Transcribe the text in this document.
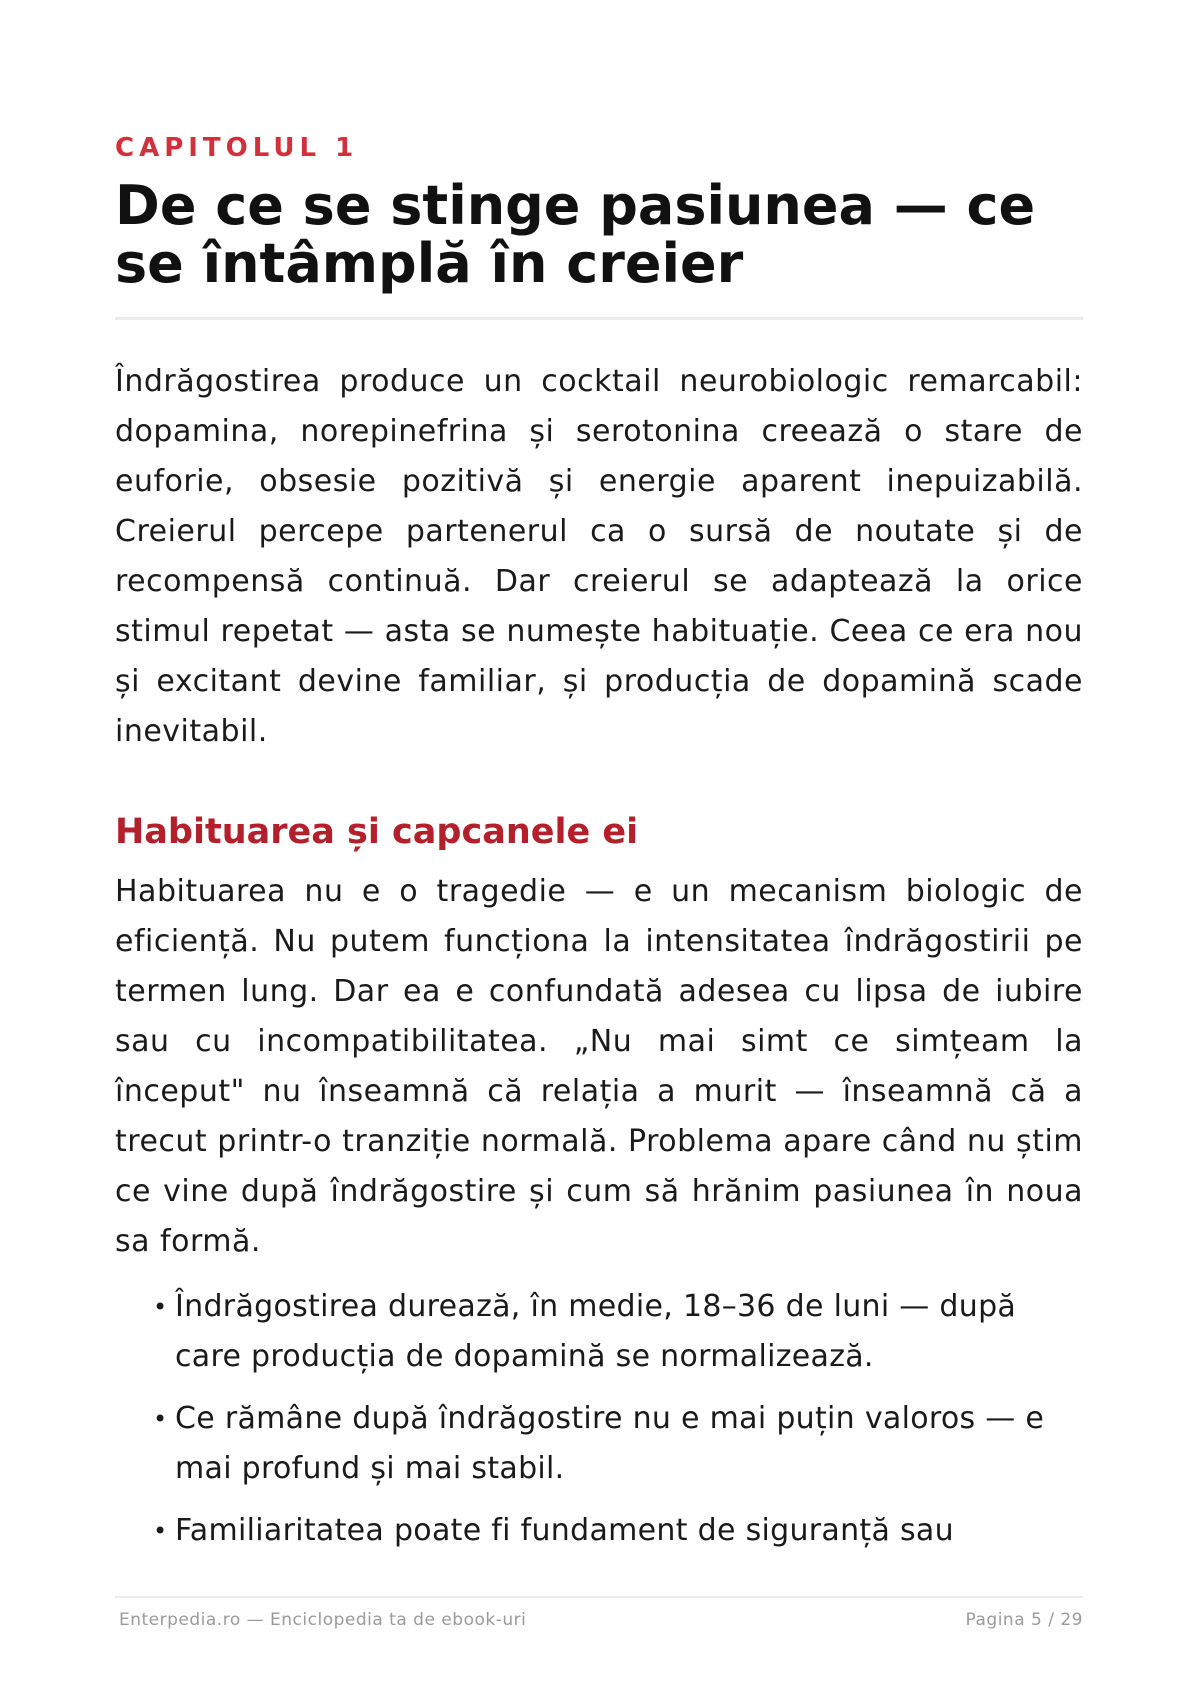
CAPITOLUL 1

De ce se stinge pasiunea — ce se întâmplă în creier

Îndrăgostirea produce un cocktail neurobiologic remarcabil: dopamina, norepinefrina și serotonina creează o stare de euforie, obsesie pozitivă și energie aparent inepuizabilă. Creierul percepe partenerul ca o sursă de noutate și de recompensă continuă. Dar creierul se adaptează la orice stimul repetat — asta se numește habituație. Ceea ce era nou și excitant devine familiar, și producția de dopamină scade inevitabil.

Habituarea și capcanele ei

Habituarea nu e o tragedie — e un mecanism biologic de eficiență. Nu putem funcționa la intensitatea îndrăgostirii pe termen lung. Dar ea e confundată adesea cu lipsa de iubire sau cu incompatibilitatea. „Nu mai simt ce simțeam la început" nu înseamnă că relația a murit — înseamnă că a trecut printr-o tranziție normală. Problema apare când nu știm ce vine după îndrăgostire și cum să hrănim pasiunea în noua sa formă.

• Îndrăgostirea durează, în medie, 18–36 de luni — după care producția de dopamină se normalizează.
• Ce rămâne după îndrăgostire nu e mai puțin valoros — e mai profund și mai stabil.
• Familiaritatea poate fi fundament de siguranță sau
Enterpedia.ro — Enciclopedia ta de ebook-uri	Pagina 5 / 29
